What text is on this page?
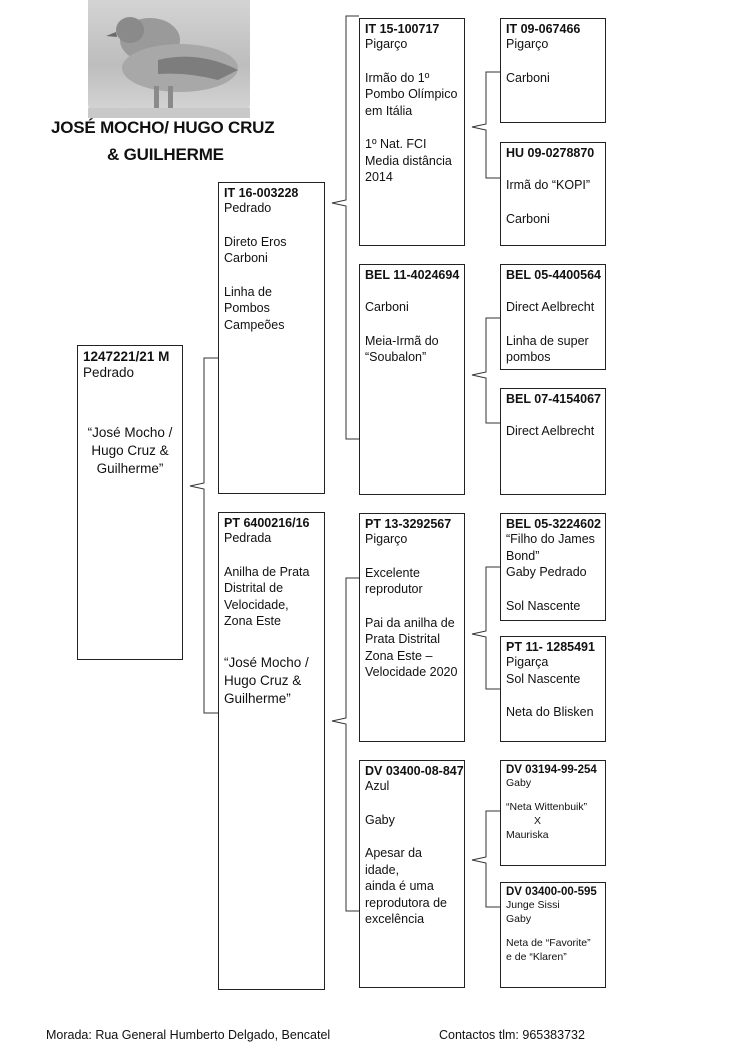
JOSÉ MOCHO/ HUGO CRUZ
& GUILHERME
1247221/21 M
Pedrado
“José Mocho /
Hugo Cruz &
Guilherme”
IT 16-003228
Pedrado
Direto Eros
Carboni
Linha de
Pombos
Campeões
PT 6400216/16
Pedrada
Anilha de Prata
Distrital de
Velocidade,
Zona Este
“José Mocho /
Hugo Cruz &
Guilherme”
IT 15-100717
Pigarço
Irmão do 1º
Pombo Olímpico
em Itália
1º Nat. FCI
Media distância
2014
BEL 11-4024694
Carboni
Meia-Irmã do
“Soubalon”
PT 13-3292567
Pigarço
Excelente
reprodutor
Pai da anilha de
Prata Distrital
Zona Este –
Velocidade 2020
DV 03400-08-847
Azul
Gaby
Apesar da idade,
ainda é uma
reprodutora de
excelência
IT 09-067466
Pigarço
Carboni
HU 09-0278870
Irmã do “KOPI”
Carboni
BEL 05-4400564
Direct Aelbrecht
Linha de super
pombos
BEL 07-4154067
Direct Aelbrecht
BEL 05-3224602
“Filho do James
Bond”
Gaby Pedrado
Sol Nascente
PT 11- 1285491
Pigarça
Sol Nascente
Neta do Blisken
DV 03194-99-254
Gaby
“Neta Wittenbuik”
X
Mauriska
DV 03400-00-595
Junge Sissi
Gaby
Neta de “Favorite”
e de “Klaren”
Morada: Rua General Humberto Delgado, Bencatel	Contactos tlm: 965383732
